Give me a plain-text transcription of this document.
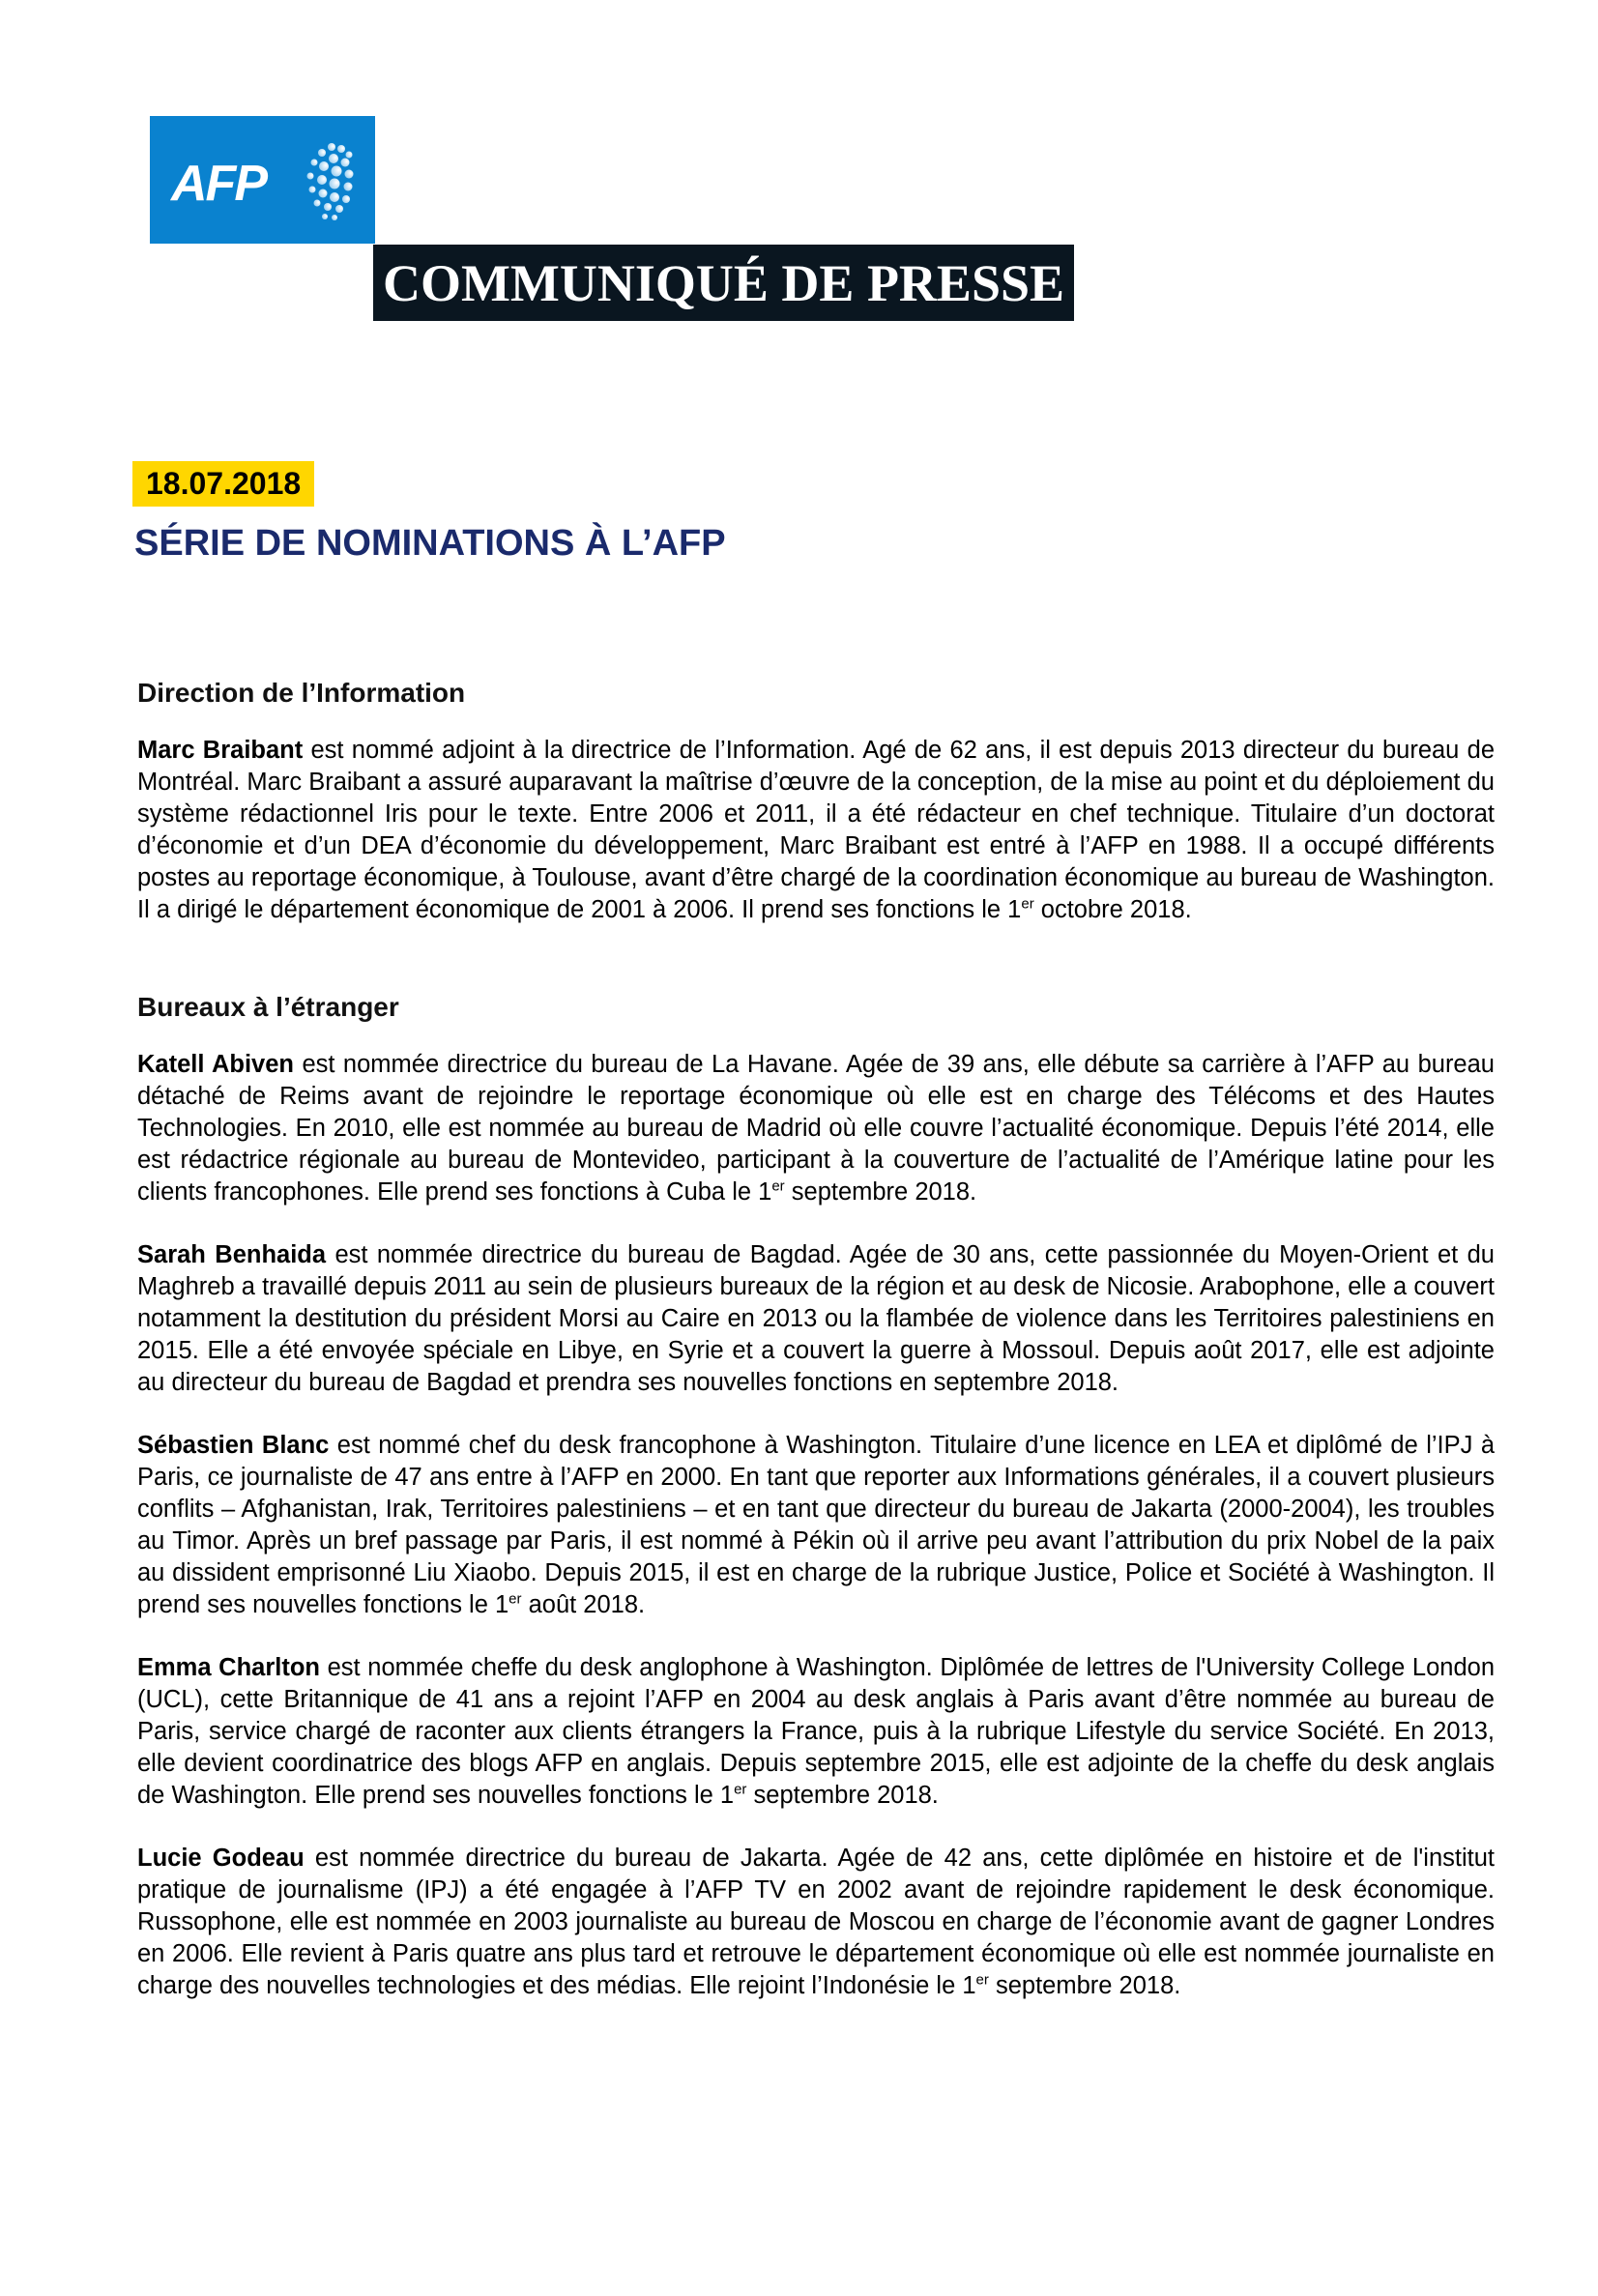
AFP
COMMUNIQUÉ DE PRESSE
18.07.2018
SÉRIE DE NOMINATIONS À L’AFP
Direction de l’Information

Marc Braibant est nommé adjoint à la directrice de l’Information. Agé de 62 ans, il est depuis 2013 directeur du bureau de Montréal. Marc Braibant a assuré auparavant la maîtrise d’œuvre de la conception, de la mise au point et du déploiement du système rédactionnel Iris pour le texte. Entre 2006 et 2011, il a été rédacteur en chef technique. Titulaire d’un doctorat d’économie et d’un DEA d’économie du développement, Marc Braibant est entré à l’AFP en 1988. Il a occupé différents postes au reportage économique, à Toulouse, avant d’être chargé de la coordination économique au bureau de Washington. Il a dirigé le département économique de 2001 à 2006. Il prend ses fonctions le 1er octobre 2018.

Bureaux à l’étranger

Katell Abiven est nommée directrice du bureau de La Havane. Agée de 39 ans, elle débute sa carrière à l’AFP au bureau détaché de Reims avant de rejoindre le reportage économique où elle est en charge des Télécoms et des Hautes Technologies. En 2010, elle est nommée au bureau de Madrid où elle couvre l’actualité économique. Depuis l’été 2014, elle est rédactrice régionale au bureau de Montevideo, participant à la couverture de l’actualité de l’Amérique latine pour les clients francophones. Elle prend ses fonctions à Cuba le 1er septembre 2018.

Sarah Benhaida est nommée directrice du bureau de Bagdad. Agée de 30 ans, cette passionnée du Moyen-Orient et du Maghreb a travaillé depuis 2011 au sein de plusieurs bureaux de la région et au desk de Nicosie. Arabophone, elle a couvert notamment la destitution du président Morsi au Caire en 2013 ou la flambée de violence dans les Territoires palestiniens en 2015. Elle a été envoyée spéciale en Libye, en Syrie et a couvert la guerre à Mossoul. Depuis août 2017, elle est adjointe au directeur du bureau de Bagdad et prendra ses nouvelles fonctions en septembre 2018.

Sébastien Blanc est nommé chef du desk francophone à Washington. Titulaire d’une licence en LEA et diplômé de l’IPJ à Paris, ce journaliste de 47 ans entre à l’AFP en 2000. En tant que reporter aux Informations générales, il a couvert plusieurs conflits – Afghanistan, Irak, Territoires palestiniens – et en tant que directeur du bureau de Jakarta (2000-2004), les troubles au Timor. Après un bref passage par Paris, il est nommé à Pékin où il arrive peu avant l’attribution du prix Nobel de la paix au dissident emprisonné Liu Xiaobo. Depuis 2015, il est en charge de la rubrique Justice, Police et Société à Washington. Il prend ses nouvelles fonctions le 1er août 2018.

Emma Charlton est nommée cheffe du desk anglophone à Washington. Diplômée de lettres de l'University College London (UCL), cette Britannique de 41 ans a rejoint l’AFP en 2004 au desk anglais à Paris avant d’être nommée au bureau de Paris, service chargé de raconter aux clients étrangers la France, puis à la rubrique Lifestyle du service Société. En 2013, elle devient coordinatrice des blogs AFP en anglais. Depuis septembre 2015, elle est adjointe de la cheffe du desk anglais de Washington. Elle prend ses nouvelles fonctions le 1er septembre 2018.

Lucie Godeau est nommée directrice du bureau de Jakarta. Agée de 42 ans, cette diplômée en histoire et de l'institut pratique de journalisme (IPJ) a été engagée à l’AFP TV en 2002 avant de rejoindre rapidement le desk économique. Russophone, elle est nommée en 2003 journaliste au bureau de Moscou en charge de l’économie avant de gagner Londres en 2006. Elle revient à Paris quatre ans plus tard et retrouve le département économique où elle est nommée journaliste en charge des nouvelles technologies et des médias. Elle rejoint l’Indonésie le 1er septembre 2018.
